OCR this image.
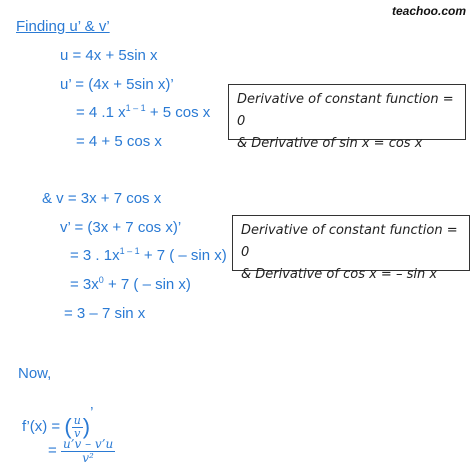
teachoo.com
Finding u’ & v’
u = 4x + 5sin x
u’ = (4x + 5sin x)’
= 4 .1 $x^{1 - 1} + 5$ cos x
= 4 + 5 cos x
Derivative of constant function = 0
& Derivative of sin x = cos x
& v = 3x + 7 cos x
v’ = (3x + 7 cos x)’
= 3 . $1x^{1 - 1} + 7$ ( – sin x)
= $3x^0 + 7$ ( – sin x)
= 3 – 7 sin x
Derivative of constant function = 0
& Derivative of cos x = – sin x
Now,
f’(x) = ( $\frac{u}{v}$ )’
= $\frac{u’v - v’u}{\text{v²}}$
